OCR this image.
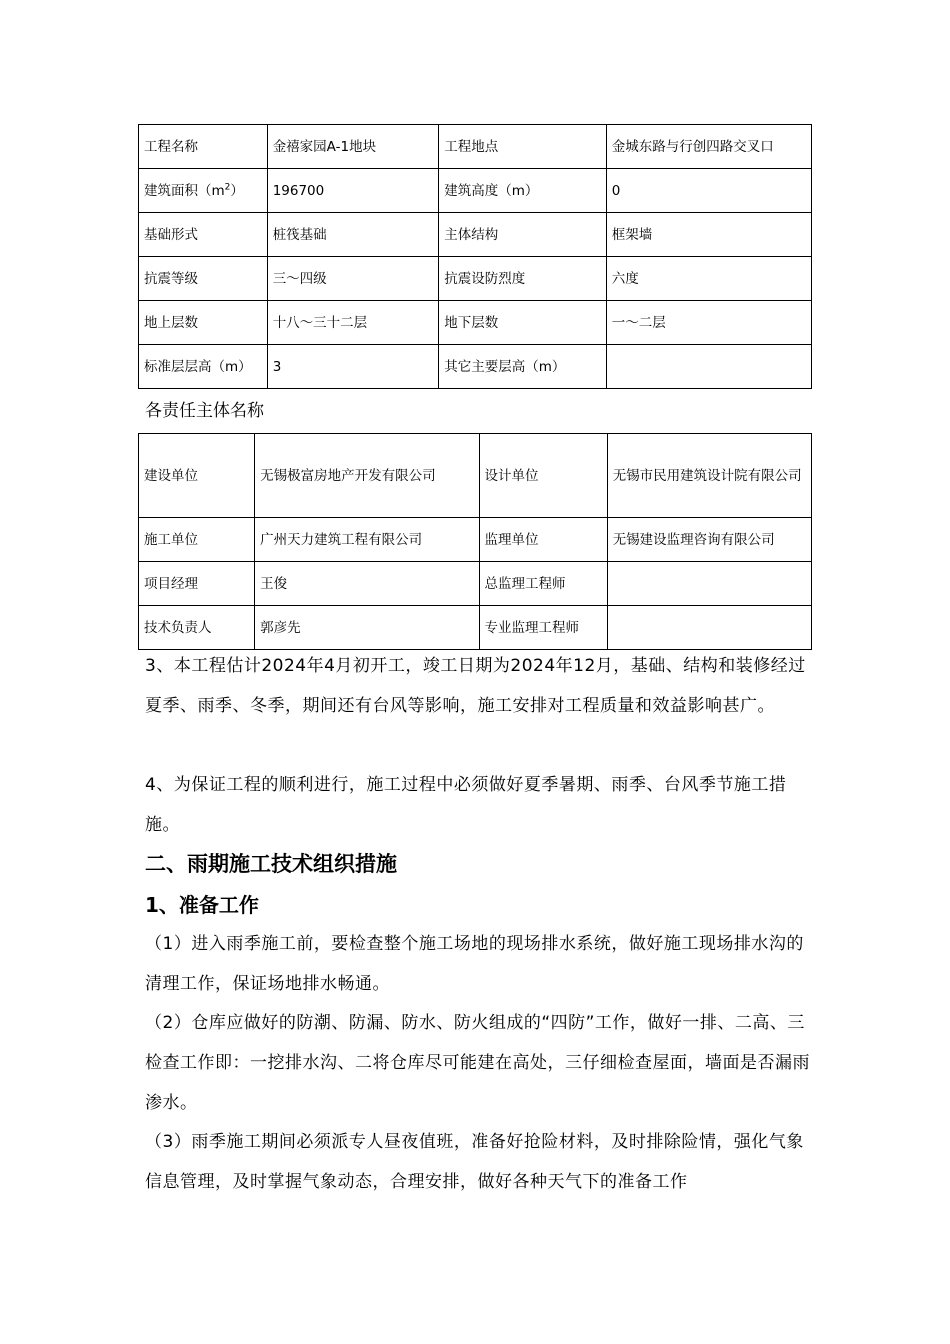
工程名称	金禧家园A-1地块	工程地点	金城东路与行创四路交叉口
建筑面积$(m^2)$	196700	建筑高度（m）	0
基础形式	桩筏基础	主体结构	框架墙
抗震等级	三～四级	抗震设防烈度	六度
地上层数	十八～三十二层	地下层数	一～二层
标准层层高（m）	3	其它主要层高（m）	
各责任主体名称
建设单位	无锡极富房地产开发有限公司	设计单位	无锡市民用建筑设计院有限公司
施工单位	广州天力建筑工程有限公司	监理单位	无锡建设监理咨询有限公司
项目经理	王俊	总监理工程师	
技术负责人	郭彦先	专业监理工程师	
3、本工程估计2024年4月初开工，竣工日期为2024年12月，基础、结构和装修经过夏季、雨季、冬季，期间还有台风等影响，施工安排对工程质量和效益影响甚广。
4、为保证工程的顺利进行，施工过程中必须做好夏季暑期、雨季、台风季节施工措施。
二、雨期施工技术组织措施
1、准备工作
（1）进入雨季施工前，要检查整个施工场地的现场排水系统，做好施工现场排水沟的清理工作，保证场地排水畅通。
（2）仓库应做好的防潮、防漏、防水、防火组成的“四防”工作，做好一排、二高、三检查工作即：一挖排水沟、二将仓库尽可能建在高处，三仔细检查屋面，墙面是否漏雨渗水。
（3）雨季施工期间必须派专人昼夜值班，准备好抢险材料，及时排除险情，强化气象信息管理，及时掌握气象动态，合理安排，做好各种天气下的准备工作
